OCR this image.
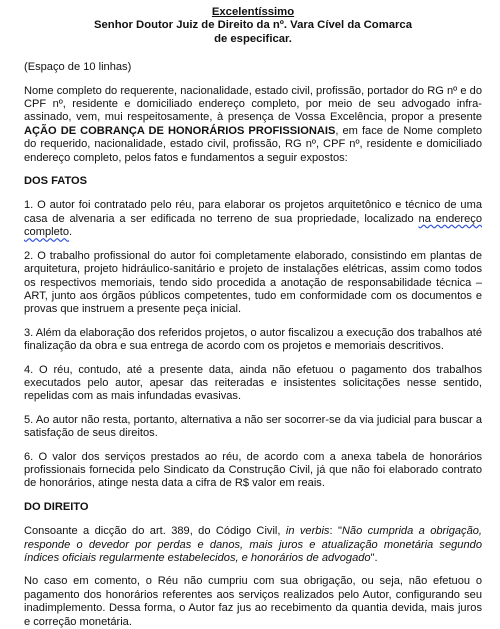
Excelentíssimo
Senhor Doutor Juiz de Direito da nº. Vara Cível da Comarca
de especificar.

(Espaço de 10 linhas)

Nome completo do requerente, nacionalidade, estado civil, profissão, portador do RG nº e do CPF nº, residente e domiciliado endereço completo, por meio de seu advogado infra-assinado, vem, mui respeitosamente, à presença de Vossa Excelência, propor a presente AÇÃO DE COBRANÇA DE HONORÁRIOS PROFISSIONAIS, em face de Nome completo do requerido, nacionalidade, estado civil, profissão, RG nº, CPF nº, residente e domiciliado endereço completo, pelos fatos e fundamentos a seguir expostos:

DOS FATOS

1. O autor foi contratado pelo réu, para elaborar os projetos arquitetônico e técnico de uma casa de alvenaria a ser edificada no terreno de sua propriedade, localizado na endereço completo.

2. O trabalho profissional do autor foi completamente elaborado, consistindo em plantas de arquitetura, projeto hidráulico-sanitário e projeto de instalações elétricas, assim como todos os respectivos memoriais, tendo sido procedida a anotação de responsabilidade técnica – ART, junto aos órgãos públicos competentes, tudo em conformidade com os documentos e provas que instruem a presente peça inicial.

3. Além da elaboração dos referidos projetos, o autor fiscalizou a execução dos trabalhos até finalização da obra e sua entrega de acordo com os projetos e memoriais descritivos.

4. O réu, contudo, até a presente data, ainda não efetuou o pagamento dos trabalhos executados pelo autor, apesar das reiteradas e insistentes solicitações nesse sentido, repelidas com as mais infundadas evasivas.

5. Ao autor não resta, portanto, alternativa a não ser socorrer-se da via judicial para buscar a satisfação de seus direitos.

6. O valor dos serviços prestados ao réu, de acordo com a anexa tabela de honorários profissionais fornecida pelo Sindicato da Construção Civil, já que não foi elaborado contrato de honorários, atinge nesta data a cifra de R$ valor em reais.

DO DIREITO

Consoante a dicção do art. 389, do Código Civil, in verbis: "Não cumprida a obrigação, responde o devedor por perdas e danos, mais juros e atualização monetária segundo índices oficiais regularmente estabelecidos, e honorários de advogado".

No caso em comento, o Réu não cumpriu com sua obrigação, ou seja, não efetuou o pagamento dos honorários referentes aos serviços realizados pelo Autor, configurando seu inadimplemento. Dessa forma, o Autor faz jus ao recebimento da quantia devida, mais juros e correção monetária.
